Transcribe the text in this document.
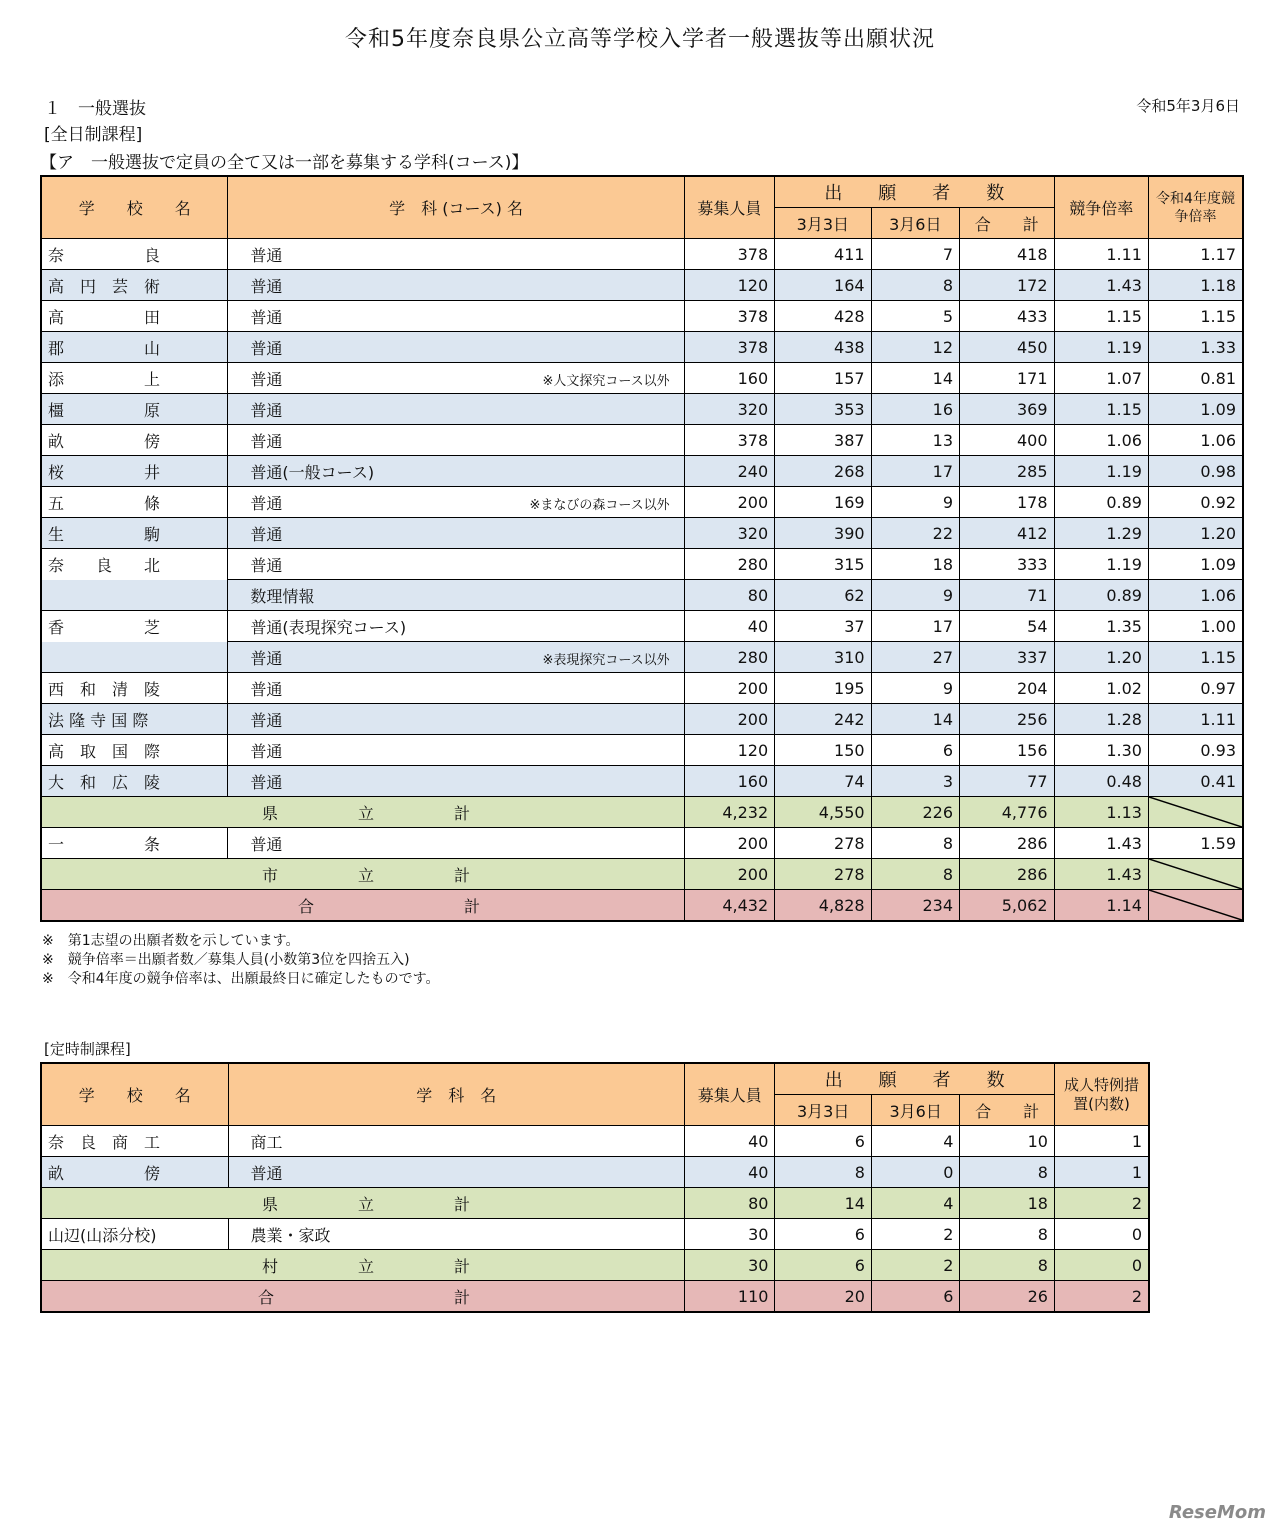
令和5年度奈良県公立高等学校入学者一般選抜等出願状況
１　一般選抜	令和5年3月6日
[全日制課程]
【ア　一般選抜で定員の全て又は一部を募集する学科(コース)】
学　　校　　名	学　科 (コース) 名	募集人員	出　　願　　者　　数			競争倍率	令和4年度競争倍率
			3月3日	3月6日	合　　計		
奈　　　　　良	普通	378	411	7	418	1.11	1.17
高　円　芸　術	普通	120	164	8	172	1.43	1.18
高　　　　　田	普通	378	428	5	433	1.15	1.15
郡　　　　　山	普通	378	438	12	450	1.19	1.33
添　　　　　上	普通 ※人文探究コース以外	160	157	14	171	1.07	0.81
橿　　　　　原	普通	320	353	16	369	1.15	1.09
畝　　　　　傍	普通	378	387	13	400	1.06	1.06
桜　　　　　井	普通(一般コース)	240	268	17	285	1.19	0.98
五　　　　　條	普通 ※まなびの森コース以外	200	169	9	178	0.89	0.92
生　　　　　駒	普通	320	390	22	412	1.29	1.20
奈　　良　　北	普通	280	315	18	333	1.19	1.09
	数理情報	80	62	9	71	0.89	1.06
香　　　　　芝	普通(表現探究コース)	40	37	17	54	1.35	1.00
	普通 ※表現探究コース以外	280	310	27	337	1.20	1.15
西　和　清　陵	普通	200	195	9	204	1.02	0.97
法 隆 寺 国 際	普通	200	242	14	256	1.28	1.11
高　取　国　際	普通	120	150	6	156	1.30	0.93
大　和　広　陵	普通	160	74	3	77	0.48	0.41
県　　　　　立　　　　　計		4,232	4,550	226	4,776	1.13	

一　　　　　条	普通	200	278	8	286	1.43	1.59
市　　　　　立　　　　　計		200	278	8	286	1.43	

合 計		4,432	4,828	234	5,062	1.14	
※　第1志望の出願者数を示しています。
※　競争倍率＝出願者数／募集人員(小数第3位を四捨五入)
※　令和4年度の競争倍率は、出願最終日に確定したものです。
[定時制課程]
学　　校　　名	学　科　名	募集人員	出　　願　　者　　数			成人特例措置(内数)
			3月3日	3月6日	合　　計	
奈　良　商　工	商工	40	6	4	10	1
畝　　　　　傍	普通	40	8	0	8	1
県　　　　　立　　　　　計		80	14	4	18	2
山辺(山添分校)	農業・家政	30	6	2	8	0
村　　　　　立　　　　　計		30	6	2	8	0
合 計		110	20	6	26	2
ReseMom
